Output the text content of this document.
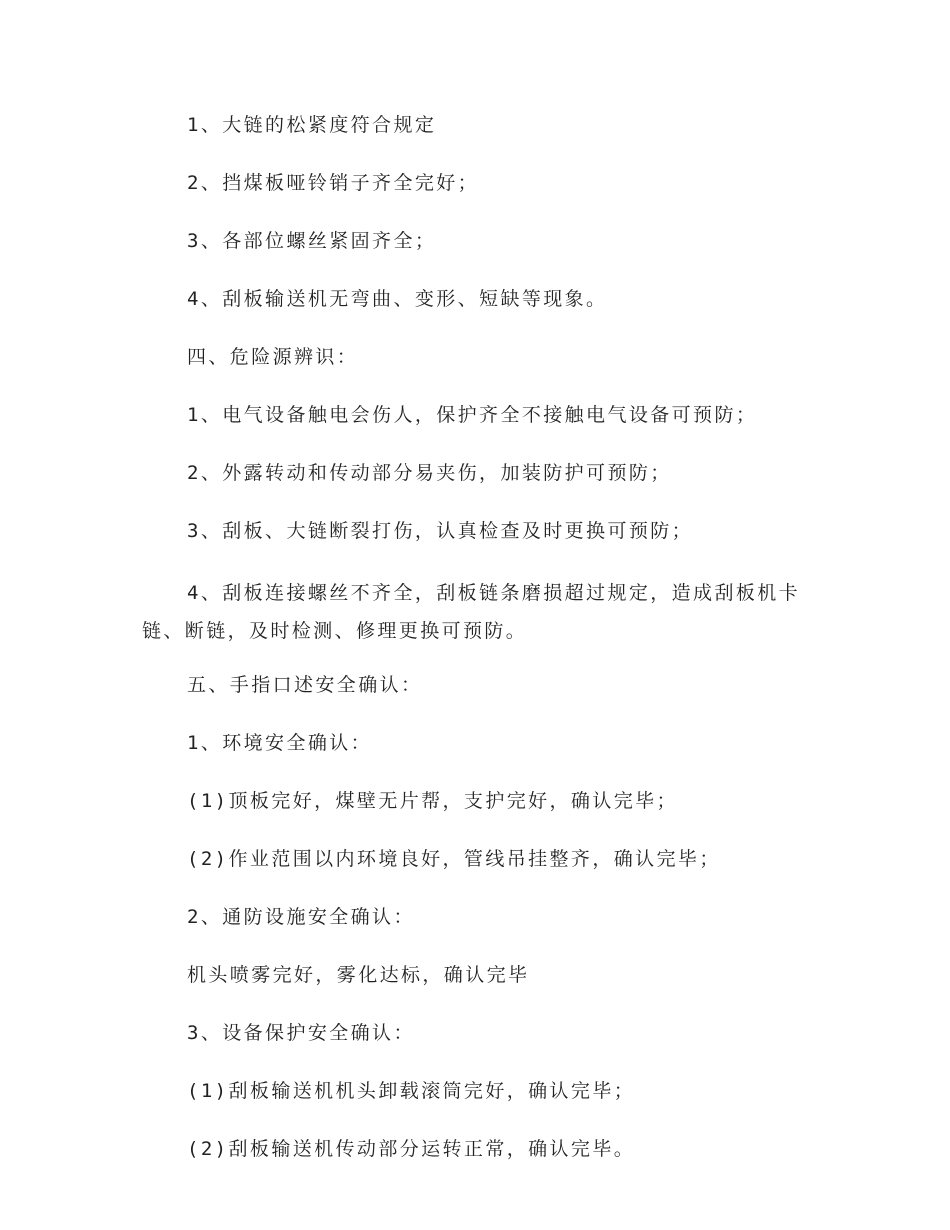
1、大链的松紧度符合规定

2、挡煤板哑铃销子齐全完好；

3、各部位螺丝紧固齐全；

4、刮板输送机无弯曲、变形、短缺等现象。

四、危险源辨识：

1、电气设备触电会伤人，保护齐全不接触电气设备可预防；

2、外露转动和传动部分易夹伤，加装防护可预防；

3、刮板、大链断裂打伤，认真检查及时更换可预防；

4、刮板连接螺丝不齐全，刮板链条磨损超过规定，造成刮板机卡链、断链，及时检测、修理更换可预防。

五、手指口述安全确认：

1、环境安全确认：

(1)顶板完好，煤壁无片帮，支护完好，确认完毕；

(2)作业范围以内环境良好，管线吊挂整齐，确认完毕；

2、通防设施安全确认：

机头喷雾完好，雾化达标，确认完毕

3、设备保护安全确认：

(1)刮板输送机机头卸载滚筒完好，确认完毕；

(2)刮板输送机传动部分运转正常，确认完毕。
